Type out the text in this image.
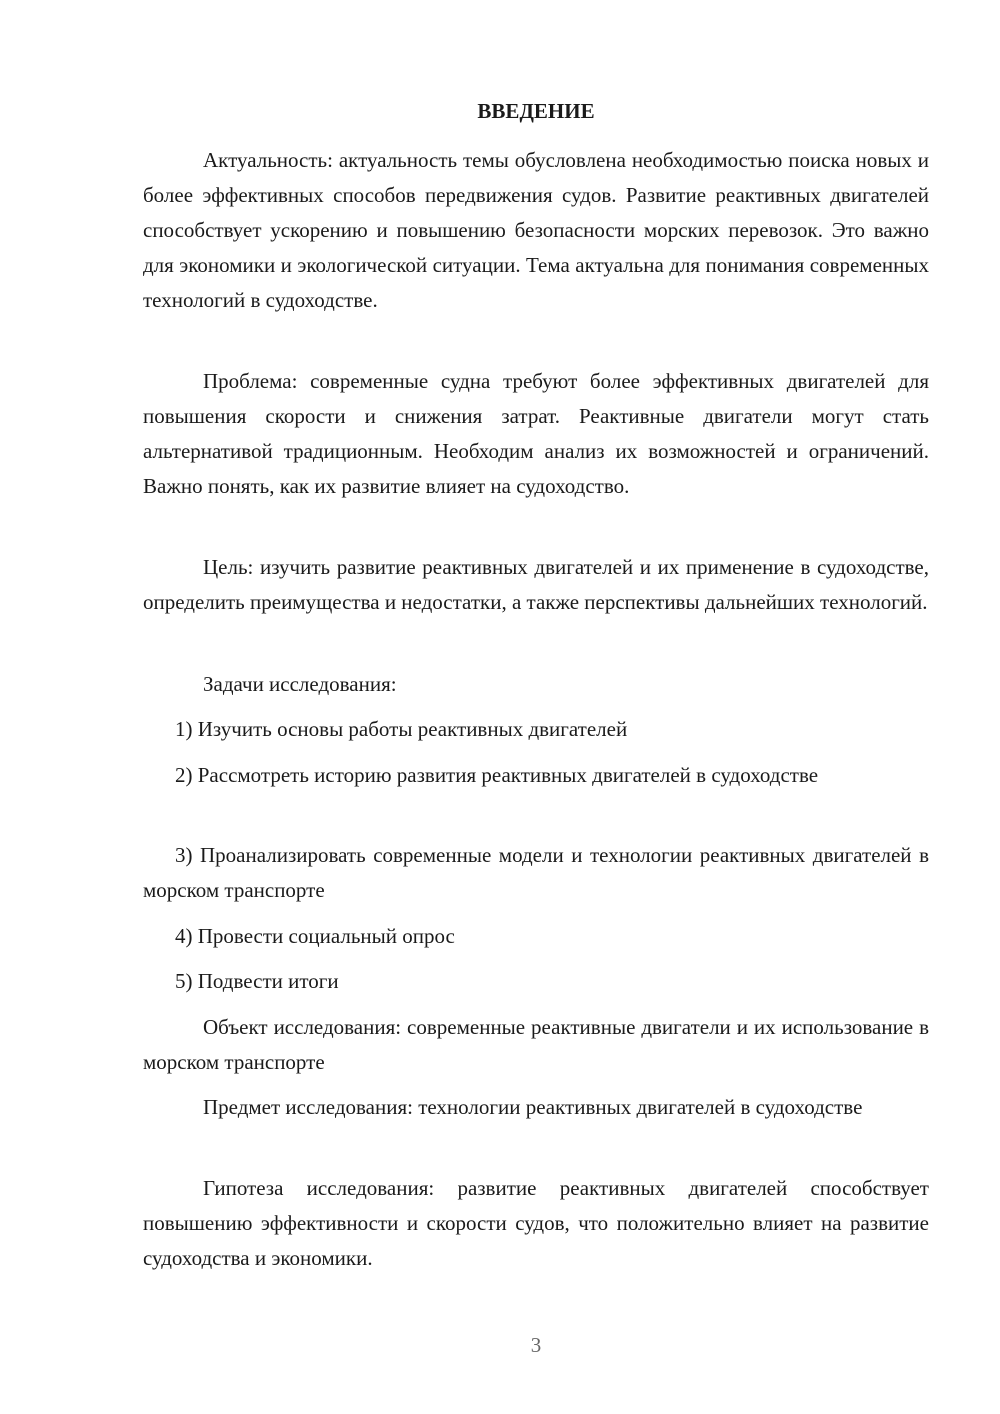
ВВЕДЕНИЕ

Актуальность: актуальность темы обусловлена необходимостью поиска новых и более эффективных способов передвижения судов. Развитие реактивных двигателей способствует ускорению и повышению безопасности морских перевозок. Это важно для экономики и экологической ситуации. Тема актуальна для понимания современных технологий в судоходстве.

Проблема: современные судна требуют более эффективных двигателей для повышения скорости и снижения затрат. Реактивные двигатели могут стать альтернативой традиционным. Необходим анализ их возможностей и ограничений. Важно понять, как их развитие влияет на судоходство.

Цель: изучить развитие реактивных двигателей и их применение в судоходстве, определить преимущества и недостатки, а также перспективы дальнейших технологий.

Задачи исследования:

1) Изучить основы работы реактивных двигателей

2) Рассмотреть историю развития реактивных двигателей в судоходстве

3) Проанализировать современные модели и технологии реактивных двигателей в морском транспорте

4) Провести социальный опрос

5) Подвести итоги

Объект исследования: современные реактивные двигатели и их использование в морском транспорте

Предмет исследования: технологии реактивных двигателей в судоходстве

Гипотеза исследования: развитие реактивных двигателей способствует повышению эффективности и скорости судов, что положительно влияет на развитие судоходства и экономики.

3
